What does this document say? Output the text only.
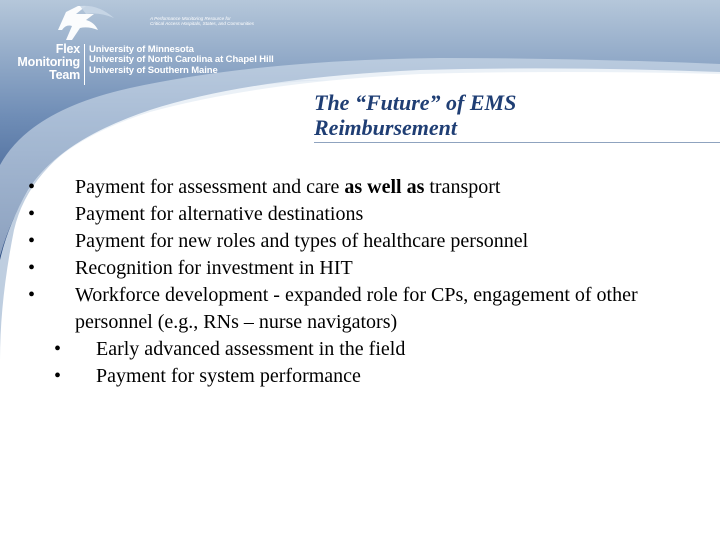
Flex
Monitoring
Team
University of Minnesota
University of North Carolina at Chapel Hill
University of Southern Maine
A Performance Monitoring Resource for
Critical Access Hospitals, States, and Communities
The “Future” of EMS
Reimbursement
• Payment for assessment and care as well as transport
• Payment for alternative destinations
• Payment for new roles and types of healthcare personnel
• Recognition for investment in HIT
• Workforce development - expanded role for CPs, engagement of other personnel (e.g., RNs – nurse navigators)
• Early advanced assessment in the field
• Payment for system performance
